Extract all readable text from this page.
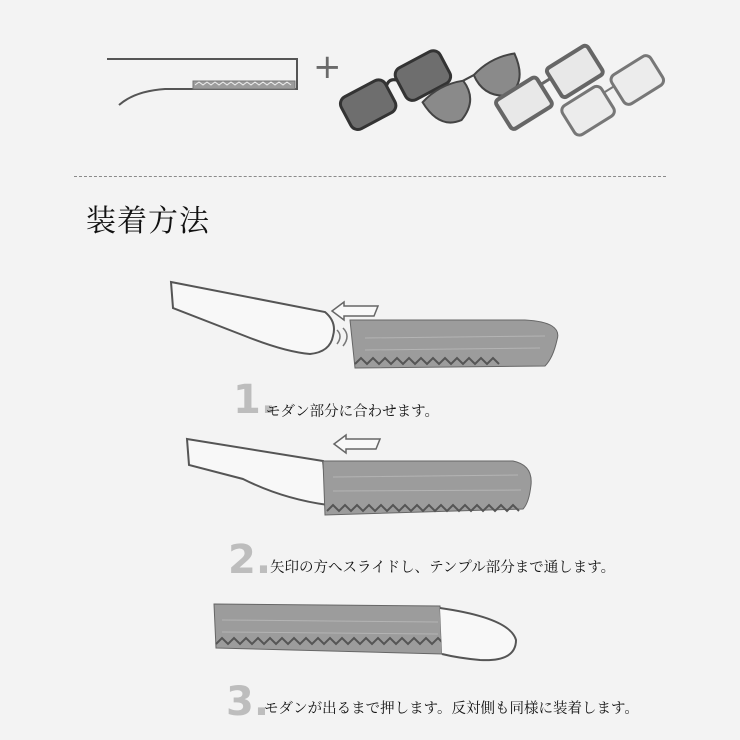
+
装着方法
1.
モダン部分に合わせます。
2.
矢印の方へスライドし、テンプル部分まで通します。
3.
モダンが出るまで押します。反対側も同様に装着します。
